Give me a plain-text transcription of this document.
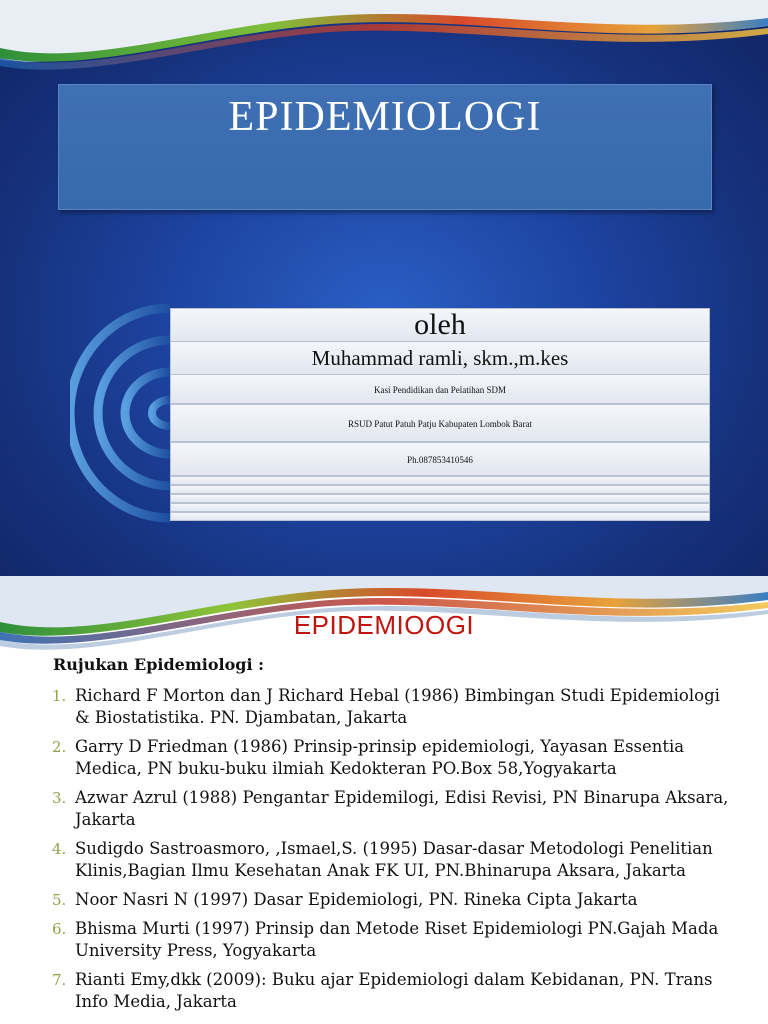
EPIDEMIOLOGI
oleh
Muhammad ramli, skm.,m.kes
Kasi Pendidikan dan Pelatihan SDM
RSUD Patut Patuh Patju Kabupaten Lombok Barat
Ph.087853410546
EPIDEMIOOGI
Rujukan Epidemiologi :
1. Richard F Morton dan J Richard Hebal (1986) Bimbingan Studi Epidemiologi & Biostatistika. PN. Djambatan, Jakarta
2. Garry D Friedman (1986) Prinsip-prinsip epidemiologi, Yayasan Essentia Medica, PN buku-buku ilmiah Kedokteran PO.Box 58,Yogyakarta
3. Azwar Azrul (1988) Pengantar Epidemilogi, Edisi Revisi, PN Binarupa Aksara, Jakarta
4. Sudigdo Sastroasmoro, ,Ismael,S. (1995) Dasar-dasar Metodologi Penelitian Klinis,Bagian Ilmu Kesehatan Anak FK UI, PN.Bhinarupa Aksara, Jakarta
5. Noor Nasri N (1997) Dasar Epidemiologi, PN. Rineka Cipta Jakarta
6. Bhisma Murti (1997) Prinsip dan Metode Riset Epidemiologi PN.Gajah Mada University Press, Yogyakarta
7. Rianti Emy,dkk (2009): Buku ajar Epidemiologi dalam Kebidanan, PN. Trans Info Media, Jakarta
